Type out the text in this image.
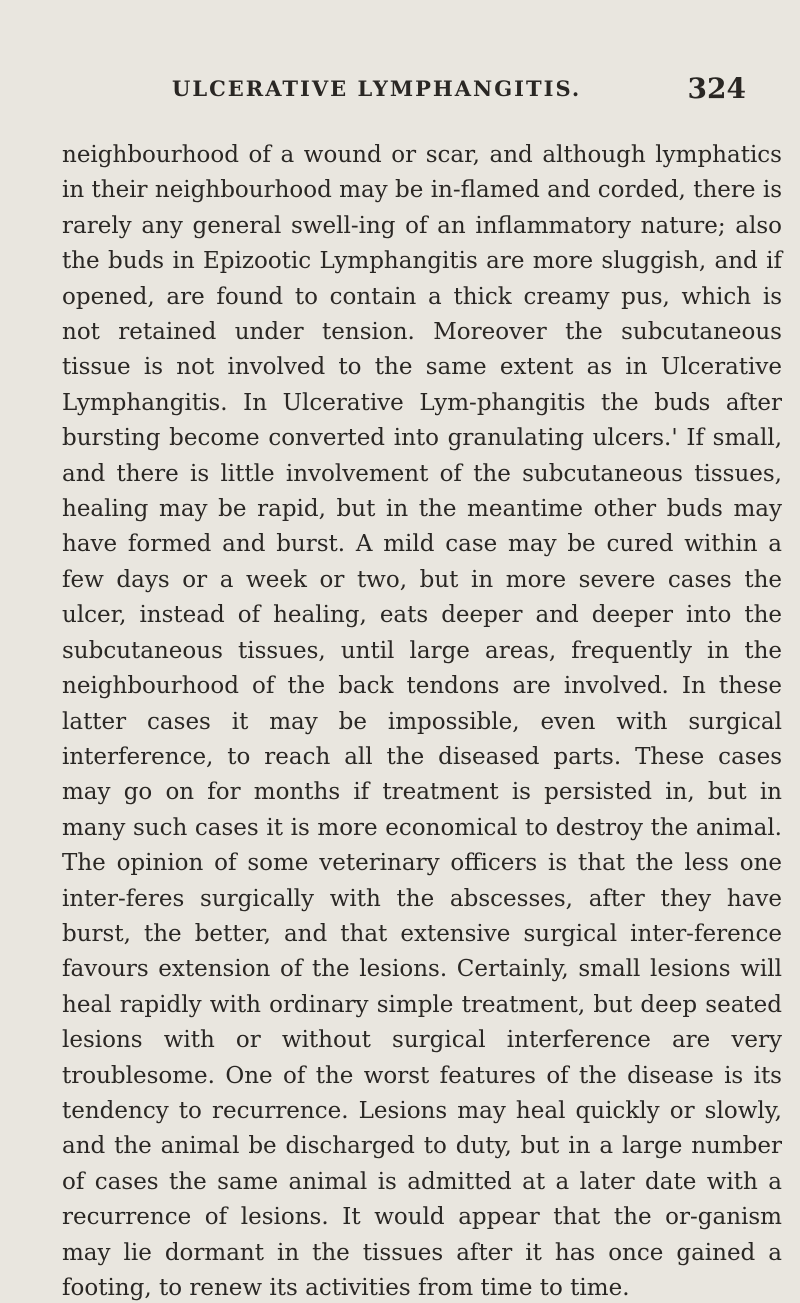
ULCERATIVE LYMPHANGITIS.	324

neighbourhood of a wound or scar, and although lymphatics in their neighbourhood may be in-flamed and corded, there is rarely any general swell-ing of an inflammatory nature; also the buds in Epizootic Lymphangitis are more sluggish, and if opened, are found to contain a thick creamy pus, which is not retained under tension. Moreover the subcutaneous tissue is not involved to the same extent as in Ulcerative Lymphangitis. In Ulcerative Lym-phangitis the buds after bursting become converted into granulating ulcers.' If small, and there is little involvement of the subcutaneous tissues, healing may be rapid, but in the meantime other buds may have formed and burst. A mild case may be cured within a few days or a week or two, but in more severe cases the ulcer, instead of healing, eats deeper and deeper into the subcutaneous tissues, until large areas, frequently in the neighbourhood of the back tendons are involved. In these latter cases it may be impossible, even with surgical interference, to reach all the diseased parts. These cases may go on for months if treatment is persisted in, but in many such cases it is more economical to destroy the animal. The opinion of some veterinary officers is that the less one inter-feres surgically with the abscesses, after they have burst, the better, and that extensive surgical inter-ference favours extension of the lesions. Certainly, small lesions will heal rapidly with ordinary simple treatment, but deep seated lesions with or without surgical interference are very troublesome. One of the worst features of the disease is its tendency to recurrence. Lesions may heal quickly or slowly, and the animal be discharged to duty, but in a large number of cases the same animal is admitted at a later date with a recurrence of lesions. It would appear that the or-ganism may lie dormant in the tissues after it has once gained a footing, to renew its activities from time to time.
